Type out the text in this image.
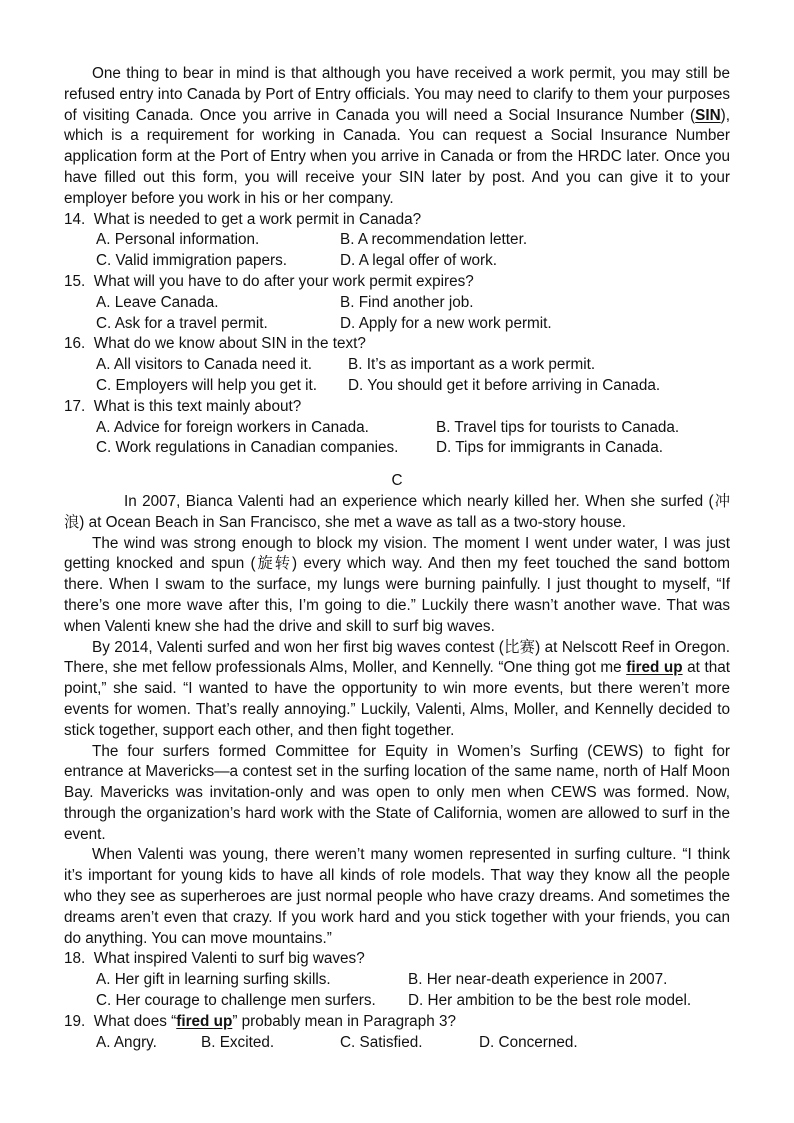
One thing to bear in mind is that although you have received a work permit, you may still be refused entry into Canada by Port of Entry officials. You may need to clarify to them your purposes of visiting Canada. Once you arrive in Canada you will need a Social Insurance Number (SIN), which is a requirement for working in Canada. You can request a Social Insurance Number application form at the Port of Entry when you arrive in Canada or from the HRDC later. Once you have filled out this form, you will receive your SIN later by post. And you can give it to your employer before you work in his or her company.

14. What is needed to get a work permit in Canada?
A. Personal information.	B. A recommendation letter.
C. Valid immigration papers.	D. A legal offer of work.
15. What will you have to do after your work permit expires?
A. Leave Canada.	B. Find another job.
C. Ask for a travel permit.	D. Apply for a new work permit.
16. What do we know about SIN in the text?
A. All visitors to Canada need it. B. It’s as important as a work permit.
C. Employers will help you get it. D. You should get it before arriving in Canada.
17. What is this text mainly about?
A. Advice for foreign workers in Canada.	B. Travel tips for tourists to Canada.
C. Work regulations in Canadian companies. D. Tips for immigrants in Canada.
C

In 2007, Bianca Valenti had an experience which nearly killed her. When she surfed (冲浪) at Ocean Beach in San Francisco, she met a wave as tall as a two-story house.

The wind was strong enough to block my vision. The moment I went under water, I was just getting knocked and spun (旋转) every which way. And then my feet touched the sand bottom there. When I swam to the surface, my lungs were burning painfully. I just thought to myself, “If there’s one more wave after this, I’m going to die.” Luckily there wasn’t another wave. That was when Valenti knew she had the drive and skill to surf big waves.

By 2014, Valenti surfed and won her first big waves contest (比赛) at Nelscott Reef in Oregon. There, she met fellow professionals Alms, Moller, and Kennelly. “One thing got me fired up at that point,” she said. “I wanted to have the opportunity to win more events, but there weren’t more events for women. That’s really annoying.” Luckily, Valenti, Alms, Moller, and Kennelly decided to stick together, support each other, and then fight together.

The four surfers formed Committee for Equity in Women’s Surfing (CEWS) to fight for entrance at Mavericks—a contest set in the surfing location of the same name, north of Half Moon Bay. Mavericks was invitation-only and was open to only men when CEWS was formed. Now, through the organization’s hard work with the State of California, women are allowed to surf in the event.

When Valenti was young, there weren’t many women represented in surfing culture. “I think it’s important for young kids to have all kinds of role models. That way they know all the people who they see as superheroes are just normal people who have crazy dreams. And sometimes the dreams aren’t even that crazy. If you work hard and you stick together with your friends, you can do anything. You can move mountains.”

18. What inspired Valenti to surf big waves?
A. Her gift in learning surfing skills.	B. Her near-death experience in 2007.
C. Her courage to challenge men surfers. D. Her ambition to be the best role model.
19. What does “fired up” probably mean in Paragraph 3?
A. Angry.	B. Excited.	C. Satisfied.	D. Concerned.
